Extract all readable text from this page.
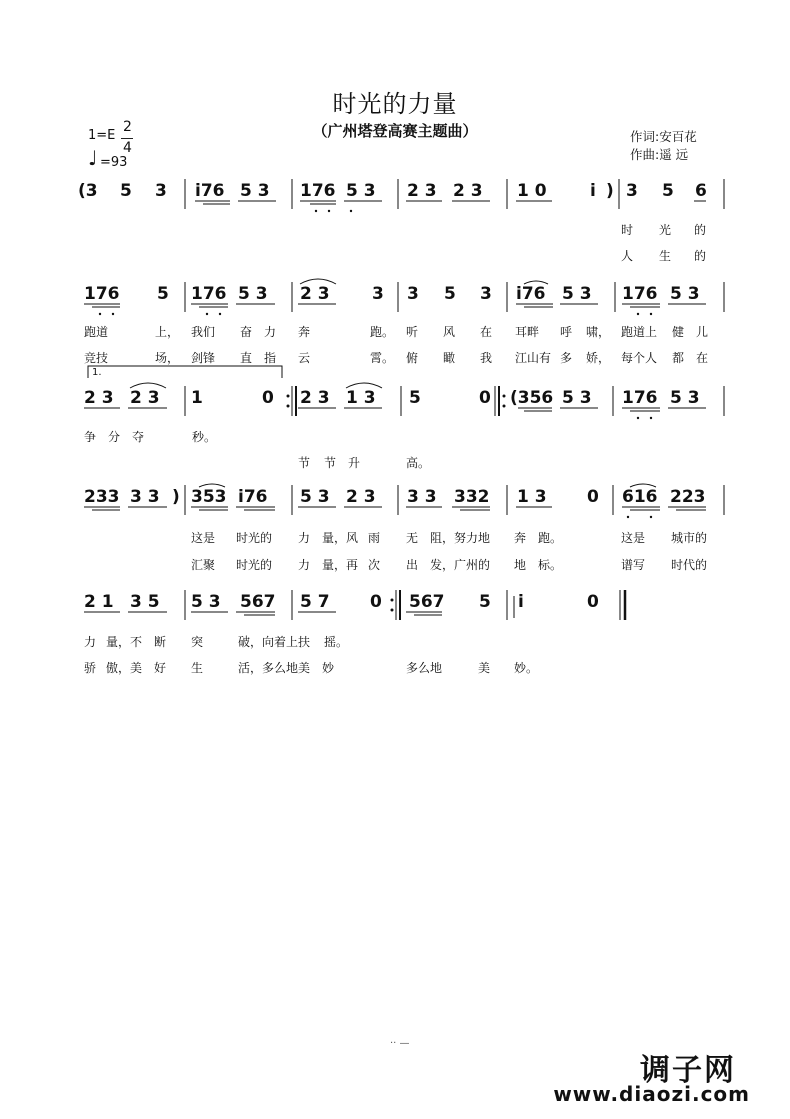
时光的力量
（广州塔登高赛主题曲）
1=E
2
4
♩ =93
作词:安百花
作曲:遥 远
(3 5 3 i76 5 3 176 5 3 2 3 2 3 1 0	i ) 3 5 6
时 光 的
人 生 的
176 5 176 5 3 2 3 3 3 5 3 i76 5 3 176 5 3
跑道	上， 我们 奋 力 奔	跑。 听 风 在 耳畔 呼 啸， 跑道上 健 儿
竞技	场， 剑锋 直 指 云	霄。 俯 瞰 我 江山有 多 娇， 每个人 都 在
1.
2 3 2 3 1	0 2 3 1 3 5	0 (356 5 3 176 5 3
争 分 夺	秒。
节 节 升	高。
233 3 3 ) 353 i76 5 3 2 3 3 3 332 1 3 0 616 223
这是 时光的 力 量，风 雨 无 阻，努力地 奔 跑。	这是 城市的
汇聚 时光的 力 量，再 次 出 发，广州的 地 标。	谱写 时代的
2 1 3 5 5 3 567 5 7 0 567 5 i	0
力 量，不 断 突	破，向着上 扶 摇。
骄 傲，美 好 生	活，多么地 美 妙	多么地	美 妙。
·· —
调子网
www.diaozi.com
